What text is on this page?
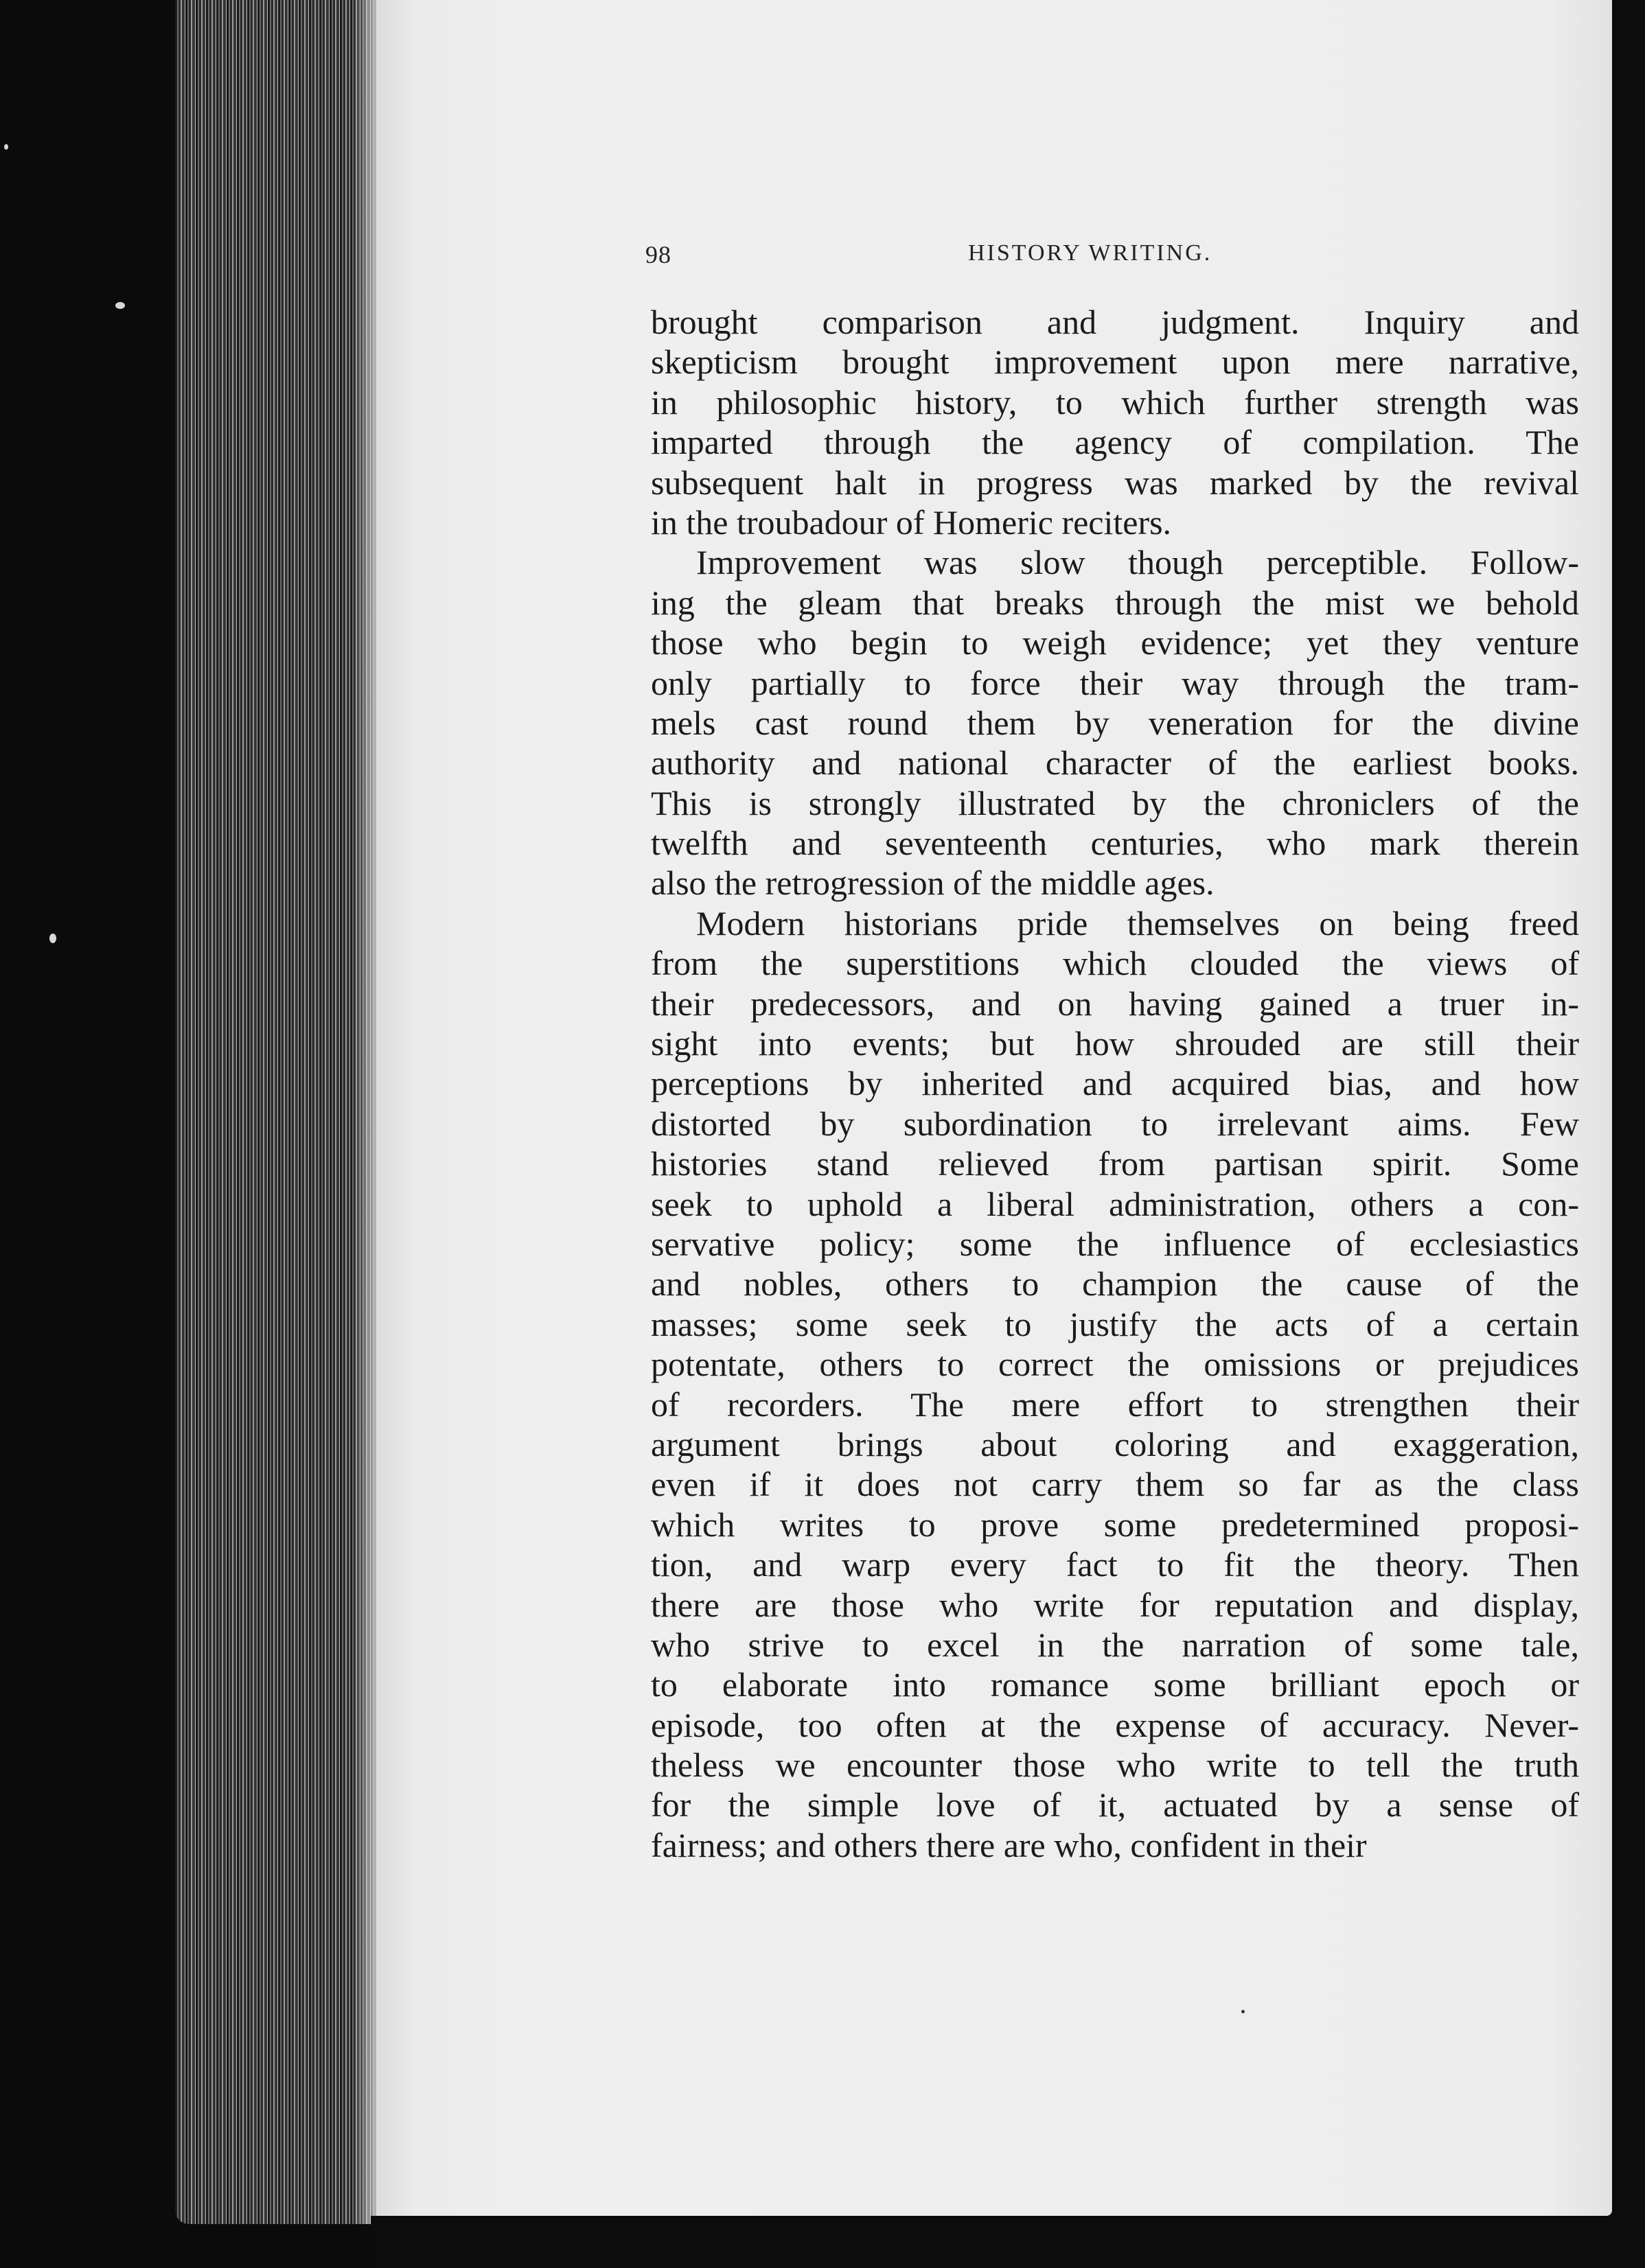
98	HISTORY WRITING.
brought comparison and judgment. Inquiry and
skepticism brought improvement upon mere narrative,
in philosophic history, to which further strength was
imparted through the agency of compilation. The
subsequent halt in progress was marked by the revival
in the troubadour of Homeric reciters.
Improvement was slow though perceptible. Follow-
ing the gleam that breaks through the mist we behold
those who begin to weigh evidence; yet they venture
only partially to force their way through the tram-
mels cast round them by veneration for the divine
authority and national character of the earliest books.
This is strongly illustrated by the chroniclers of the
twelfth and seventeenth centuries, who mark therein
also the retrogression of the middle ages.
Modern historians pride themselves on being freed
from the superstitions which clouded the views of
their predecessors, and on having gained a truer in-
sight into events; but how shrouded are still their
perceptions by inherited and acquired bias, and how
distorted by subordination to irrelevant aims. Few
histories stand relieved from partisan spirit. Some
seek to uphold a liberal administration, others a con-
servative policy; some the influence of ecclesiastics
and nobles, others to champion the cause of the
masses; some seek to justify the acts of a certain
potentate, others to correct the omissions or prejudices
of recorders. The mere effort to strengthen their
argument brings about coloring and exaggeration,
even if it does not carry them so far as the class
which writes to prove some predetermined proposi-
tion, and warp every fact to fit the theory. Then
there are those who write for reputation and display,
who strive to excel in the narration of some tale,
to elaborate into romance some brilliant epoch or
episode, too often at the expense of accuracy. Never-
theless we encounter those who write to tell the truth
for the simple love of it, actuated by a sense of
fairness; and others there are who, confident in their
